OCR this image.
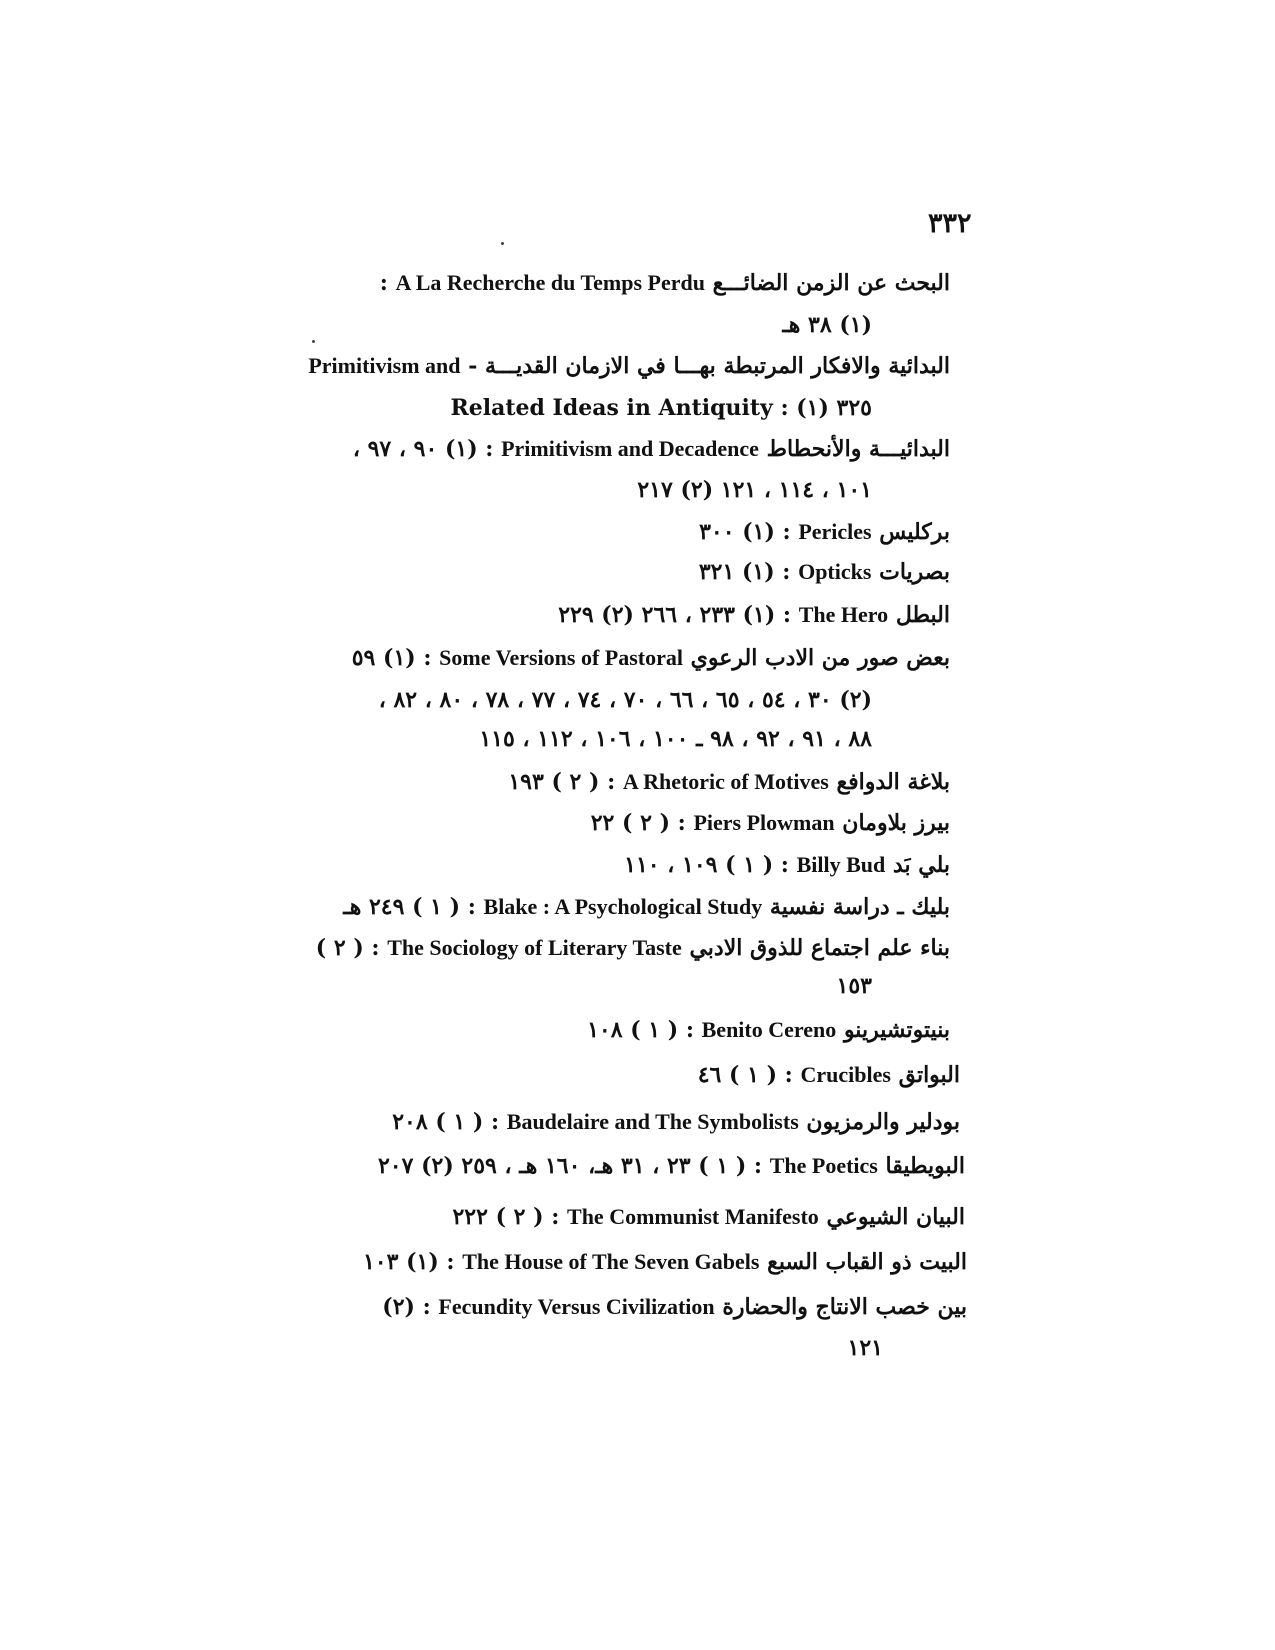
٣٣٢
البحث عن الزمن الضائـــع A La Recherche du Temps Perdu :
(١) ٣٨ هـ
البدائية والافكار المرتبطة بهـــا في الازمان القديـــة - Primitivism and
٣٢٥ (١) : Related Ideas in Antiquity
البدائيـــة والأنحطاط Primitivism and Decadence : (١) ٩٠ ، ٩٧ ،
١٠١ ، ١١٤ ، ١٢١ (٢) ٢١٧
بركليس Pericles : (١) ٣٠٠
بصريات Opticks : (١) ٣٢١
البطل The Hero : (١) ٢٣٣ ، ٢٦٦ (٢) ٢٢٩
بعض صور من الادب الرعوي Some Versions of Pastoral : (١) ٥٩
(٢) ٣٠ ، ٥٤ ، ٦٥ ، ٦٦ ، ٧٠ ، ٧٤ ، ٧٧ ، ٧٨ ، ٨٠ ، ٨٢ ،
٨٨ ، ٩١ ، ٩٢ ، ٩٨ ـ ١٠٠ ، ١٠٦ ، ١١٢ ، ١١٥
بلاغة الدوافع A Rhetoric of Motives : ( ٢ ) ١٩٣
بيرز بلاومان Piers Plowman : ( ٢ ) ٢٢
بلي بَد Billy Bud : ( ١ ) ١٠٩ ، ١١٠
بليك ـ دراسة نفسية Blake : A Psychological Study : ( ١ ) ٢٤٩ هـ
بناء علم اجتماع للذوق الادبي The Sociology of Literary Taste : ( ٢ )
١٥٣
بنيتوتشيرينو Benito Cereno : ( ١ ) ١٠٨
البواتق Crucibles : ( ١ ) ٤٦
بودلير والرمزيون Baudelaire and The Symbolists : ( ١ ) ٢٠٨
البويطيقا The Poetics : ( ١ ) ٢٣ ، ٣١ هـ، ١٦٠ هـ ، ٢٥٩ (٢) ٢٠٧
البيان الشيوعي The Communist Manifesto : ( ٢ ) ٢٢٢
البيت ذو القباب السبع The House of The Seven Gabels : (١) ١٠٣
بين خصب الانتاج والحضارة Fecundity Versus Civilization : (٢)
١٢١
